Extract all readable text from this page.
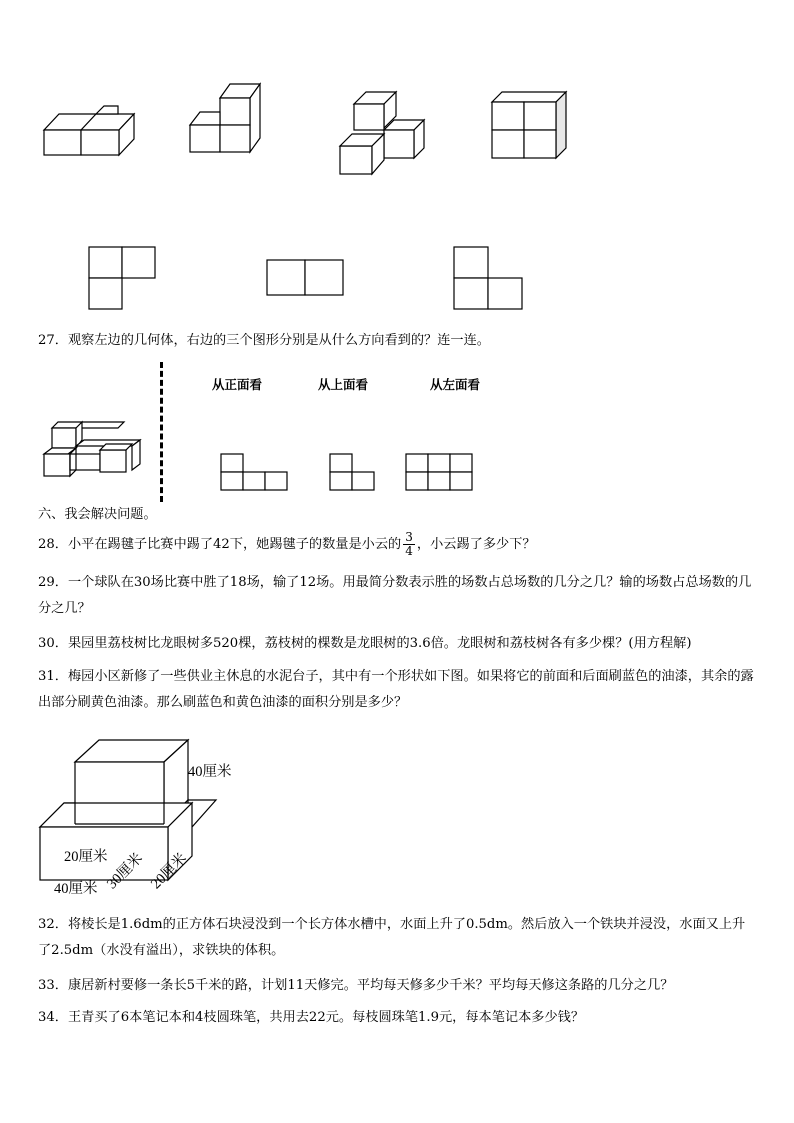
27．观察左边的几何体，右边的三个图形分别是从什么方向看到的？连一连。
从正面看	从上面看	从左面看
六、我会解决问题。
28．小平在踢毽子比赛中踢了42下，她踢毽子的数量是小云的 $\frac{3}{4}$ ，小云踢了多少下？
29．一个球队在30场比赛中胜了18场，输了12场。用最简分数表示胜的场数占总场数的几分之几？输的场数占总场数的几分之几？
30．果园里荔枝树比龙眼树多520棵，荔枝树的棵数是龙眼树的3.6倍。龙眼树和荔枝树各有多少棵？(用方程解)
31．梅园小区新修了一些供业主休息的水泥台子，其中有一个形状如下图。如果将它的前面和后面刷蓝色的油漆，其余的露出部分刷黄色油漆。那么刷蓝色和黄色油漆的面积分别是多少？
40厘米
20厘米
40厘米 30厘米 20厘米
32．将棱长是1.6dm的正方体石块浸没到一个长方体水槽中，水面上升了0.5dm。然后放入一个铁块并浸没，水面又上升了2.5dm（水没有溢出），求铁块的体积。
33．康居新村要修一条长5千米的路，计划11天修完。平均每天修多少千米？平均每天修这条路的几分之几？
34．王青买了6本笔记本和4枝圆珠笔，共用去22元。每枝圆珠笔1.9元，每本笔记本多少钱？
